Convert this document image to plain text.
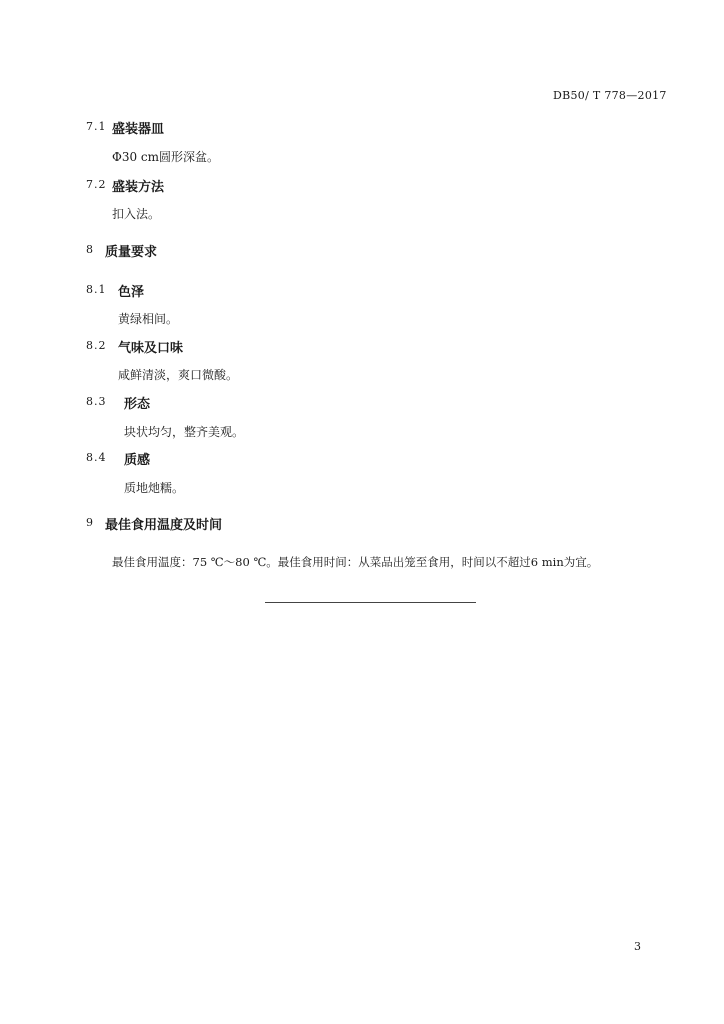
DB50/ T 778—2017
7.1 盛装器皿
Φ30 cm圆形深盆。
7.2 盛装方法
扣入法。
8 质量要求
8.1 色泽
黄绿相间。
8.2 气味及口味
咸鲜清淡，爽口微酸。
8.3 形态
块状均匀，整齐美观。
8.4 质感
质地灺糯。
9 最佳食用温度及时间
最佳食用温度：75 ℃～80 ℃。最佳食用时间：从菜品出笼至食用，时间以不超过6 min为宜。
3
